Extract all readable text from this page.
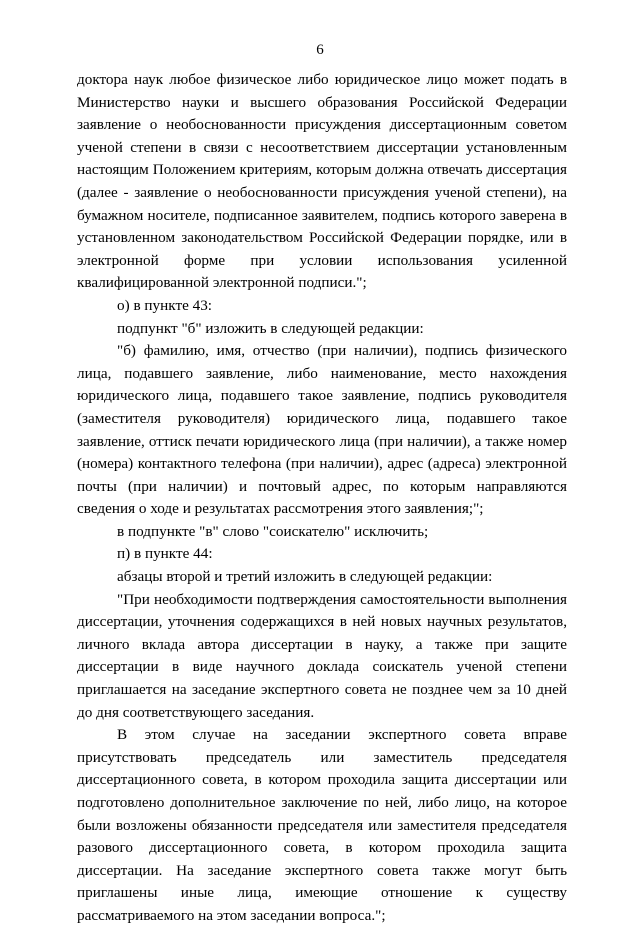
6

доктора наук любое физическое либо юридическое лицо может подать в Министерство науки и высшего образования Российской Федерации заявление о необоснованности присуждения диссертационным советом ученой степени в связи с несоответствием диссертации установленным настоящим Положением критериям, которым должна отвечать диссертация (далее - заявление о необоснованности присуждения ученой степени), на бумажном носителе, подписанное заявителем, подпись которого заверена в установленном законодательством Российской Федерации порядке, или в электронной форме при условии использования усиленной квалифицированной электронной подписи.";

о) в пункте 43:

подпункт "б" изложить в следующей редакции:

"б) фамилию, имя, отчество (при наличии), подпись физического лица, подавшего заявление, либо наименование, место нахождения юридического лица, подавшего такое заявление, подпись руководителя (заместителя руководителя) юридического лица, подавшего такое заявление, оттиск печати юридического лица (при наличии), а также номер (номера) контактного телефона (при наличии), адрес (адреса) электронной почты (при наличии) и почтовый адрес, по которым направляются сведения о ходе и результатах рассмотрения этого заявления;";

в подпункте "в" слово "соискателю" исключить;

п) в пункте 44:

абзацы второй и третий изложить в следующей редакции:

"При необходимости подтверждения самостоятельности выполнения диссертации, уточнения содержащихся в ней новых научных результатов, личного вклада автора диссертации в науку, а также при защите диссертации в виде научного доклада соискатель ученой степени приглашается на заседание экспертного совета не позднее чем за 10 дней до дня соответствующего заседания.

В этом случае на заседании экспертного совета вправе присутствовать председатель или заместитель председателя диссертационного совета, в котором проходила защита диссертации или подготовлено дополнительное заключение по ней, либо лицо, на которое были возложены обязанности председателя или заместителя председателя разового диссертационного совета, в котором проходила защита диссертации. На заседание экспертного совета также могут быть приглашены иные лица, имеющие отношение к существу рассматриваемого на этом заседании вопроса.";
